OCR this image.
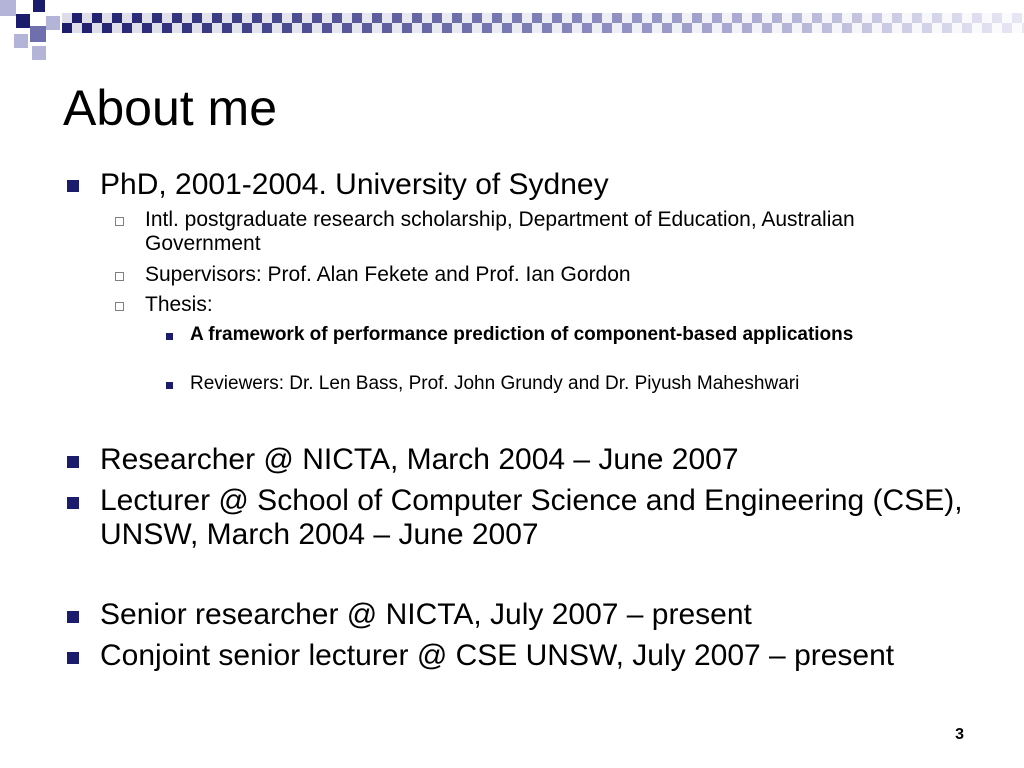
About me
PhD, 2001-2004. University of Sydney
Intl. postgraduate research scholarship, Department of Education, Australian Government
Supervisors: Prof. Alan Fekete and Prof. Ian Gordon
Thesis:
A framework of performance prediction of component-based applications
Reviewers: Dr. Len Bass, Prof. John Grundy and Dr. Piyush Maheshwari
Researcher @ NICTA, March 2004 – June 2007
Lecturer @ School of Computer Science and Engineering (CSE), UNSW, March 2004 – June 2007
Senior researcher @ NICTA, July 2007 – present
Conjoint senior lecturer @ CSE UNSW, July 2007 – present
3
